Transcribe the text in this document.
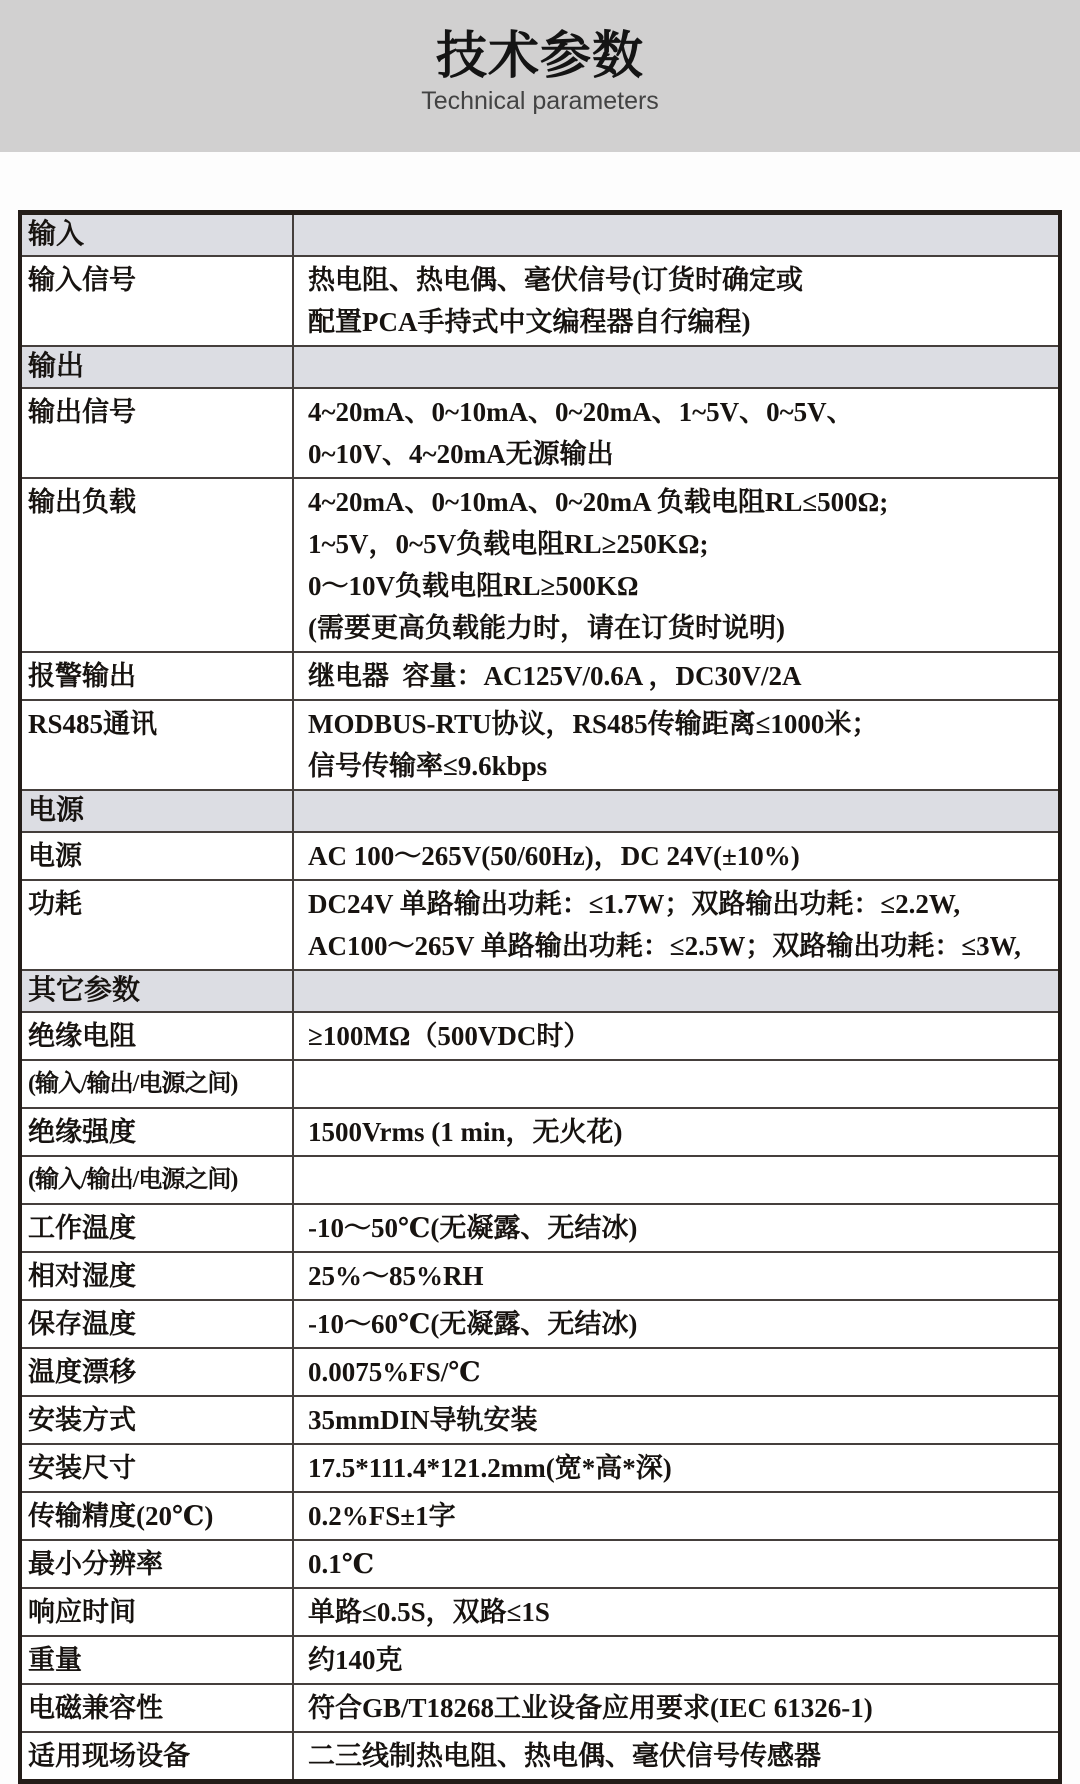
技术参数

Technical parameters

输入
输入信号	热电阻、热电偶、毫伏信号(订货时确定或
配置PCA手持式中文编程器自行编程)
输出
输出信号	4~20mA、0~10mA、0~20mA、1~5V、0~5V、
0~10V、4~20mA无源输出
输出负载	4~20mA、0~10mA、0~20mA 负载电阻RL≤500Ω;
1~5V，0~5V负载电阻RL≥250KΩ;
0～10V负载电阻RL≥500KΩ
(需要更高负载能力时，请在订货时说明)
报警输出	继电器  容量：AC125V/0.6A ，DC30V/2A
RS485通讯	MODBUS-RTU协议，RS485传输距离≤1000米；
信号传输率≤9.6kbps
电源
电源	AC 100～265V(50/60Hz)，DC 24V(±10%)
功耗	DC24V 单路输出功耗：≤1.7W；双路输出功耗：≤2.2W,
AC100～265V 单路输出功耗：≤2.5W；双路输出功耗：≤3W,
其它参数
绝缘电阻	≥100MΩ（500VDC时）
(输入/输出/电源之间)
绝缘强度	1500Vrms (1 min，无火花)
(输入/输出/电源之间)
工作温度	-10～50℃(无凝露、无结冰)
相对湿度	25%～85%RH
保存温度	-10～60℃(无凝露、无结冰)
温度漂移	0.0075%FS/℃
安装方式	35mmDIN导轨安装
安装尺寸	17.5*111.4*121.2mm(宽*高*深)
传输精度(20℃)	0.2%FS±1字
最小分辨率	0.1℃
响应时间	单路≤0.5S，双路≤1S
重量	约140克
电磁兼容性	符合GB/T18268工业设备应用要求(IEC 61326-1)
适用现场设备	二三线制热电阻、热电偶、毫伏信号传感器
